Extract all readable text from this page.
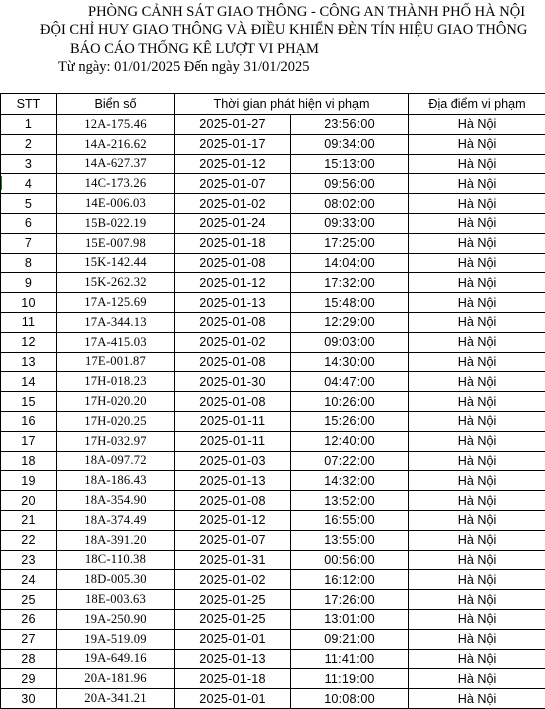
PHÒNG CẢNH SÁT GIAO THÔNG - CÔNG AN THÀNH PHỐ HÀ NỘI
ĐỘI CHỈ HUY GIAO THÔNG VÀ ĐIỀU KHIỂN ĐÈN TÍN HIỆU GIAO THÔNG
BÁO CÁO THỐNG KÊ LƯỢT VI PHẠM
Từ ngày: 01/01/2025 Đến ngày 31/01/2025
STT	Biển số	Thời gian phát hiện vi phạm		Địa điểm vi phạm
1	12A-175.46	2025-01-27	23:56:00	Hà Nội
2	14A-216.62	2025-01-17	09:34:00	Hà Nội
3	14A-627.37	2025-01-12	15:13:00	Hà Nội
4	14C-173.26	2025-01-07	09:56:00	Hà Nội
5	14E-006.03	2025-01-02	08:02:00	Hà Nội
6	15B-022.19	2025-01-24	09:33:00	Hà Nội
7	15E-007.98	2025-01-18	17:25:00	Hà Nội
8	15K-142.44	2025-01-08	14:04:00	Hà Nội
9	15K-262.32	2025-01-12	17:32:00	Hà Nội
10	17A-125.69	2025-01-13	15:48:00	Hà Nội
11	17A-344.13	2025-01-08	12:29:00	Hà Nội
12	17A-415.03	2025-01-02	09:03:00	Hà Nội
13	17E-001.87	2025-01-08	14:30:00	Hà Nội
14	17H-018.23	2025-01-30	04:47:00	Hà Nội
15	17H-020.20	2025-01-08	10:26:00	Hà Nội
16	17H-020.25	2025-01-11	15:26:00	Hà Nội
17	17H-032.97	2025-01-11	12:40:00	Hà Nội
18	18A-097.72	2025-01-03	07:22:00	Hà Nội
19	18A-186.43	2025-01-13	14:32:00	Hà Nội
20	18A-354.90	2025-01-08	13:52:00	Hà Nội
21	18A-374.49	2025-01-12	16:55:00	Hà Nội
22	18A-391.20	2025-01-07	13:55:00	Hà Nội
23	18C-110.38	2025-01-31	00:56:00	Hà Nội
24	18D-005.30	2025-01-02	16:12:00	Hà Nội
25	18E-003.63	2025-01-25	17:26:00	Hà Nội
26	19A-250.90	2025-01-25	13:01:00	Hà Nội
27	19A-519.09	2025-01-01	09:21:00	Hà Nội
28	19A-649.16	2025-01-13	11:41:00	Hà Nội
29	20A-181.96	2025-01-18	11:19:00	Hà Nội
30	20A-341.21	2025-01-01	10:08:00	Hà Nội
